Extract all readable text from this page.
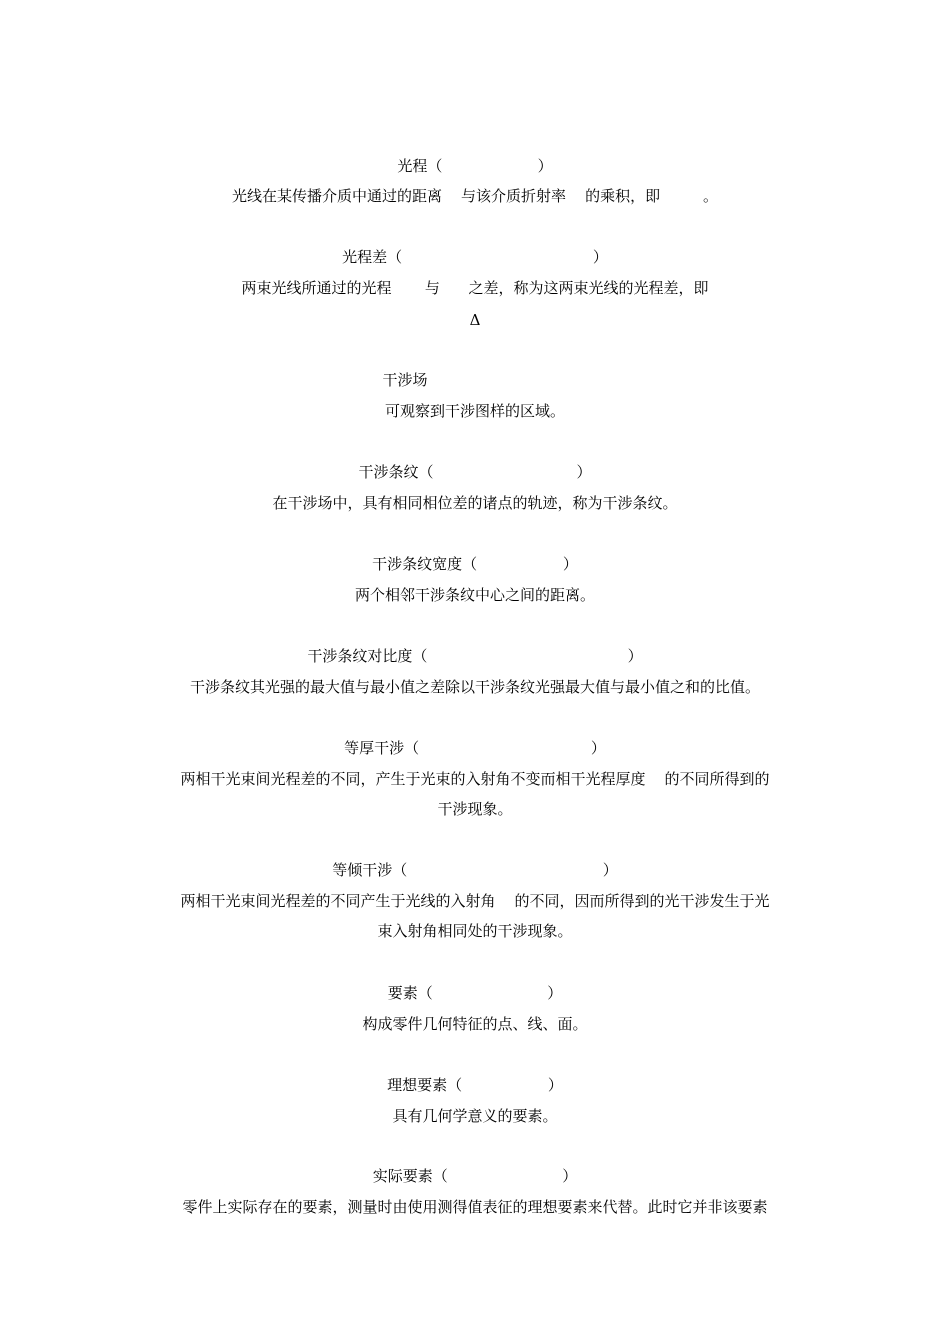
光程（                    ）
光线在某传播介质中通过的距离    与该介质折射率    的乘积，即         。
光程差（                                        ）
两束光线所通过的光程       与      之差，称为这两束光线的光程差，即
Δ
干涉场
可观察到干涉图样的区域。
干涉条纹（                              ）
在干涉场中，具有相同相位差的诸点的轨迹，称为干涉条纹。
干涉条纹宽度（                  ）
两个相邻干涉条纹中心之间的距离。
干涉条纹对比度（                                          ）
干涉条纹其光强的最大值与最小值之差除以干涉条纹光强最大值与最小值之和的比值。
等厚干涉（                                    ）
两相干光束间光程差的不同，产生于光束的入射角不变而相干光程厚度    的不同所得到的
干涉现象。
等倾干涉（                                         ）
两相干光束间光程差的不同产生于光线的入射角    的不同，因而所得到的光干涉发生于光
束入射角相同处的干涉现象。
要素（                        ）
构成零件几何特征的点、线、面。
理想要素（                  ）
具有几何学意义的要素。
实际要素（                        ）
零件上实际存在的要素，测量时由使用测得值表征的理想要素来代替。此时它并非该要素
